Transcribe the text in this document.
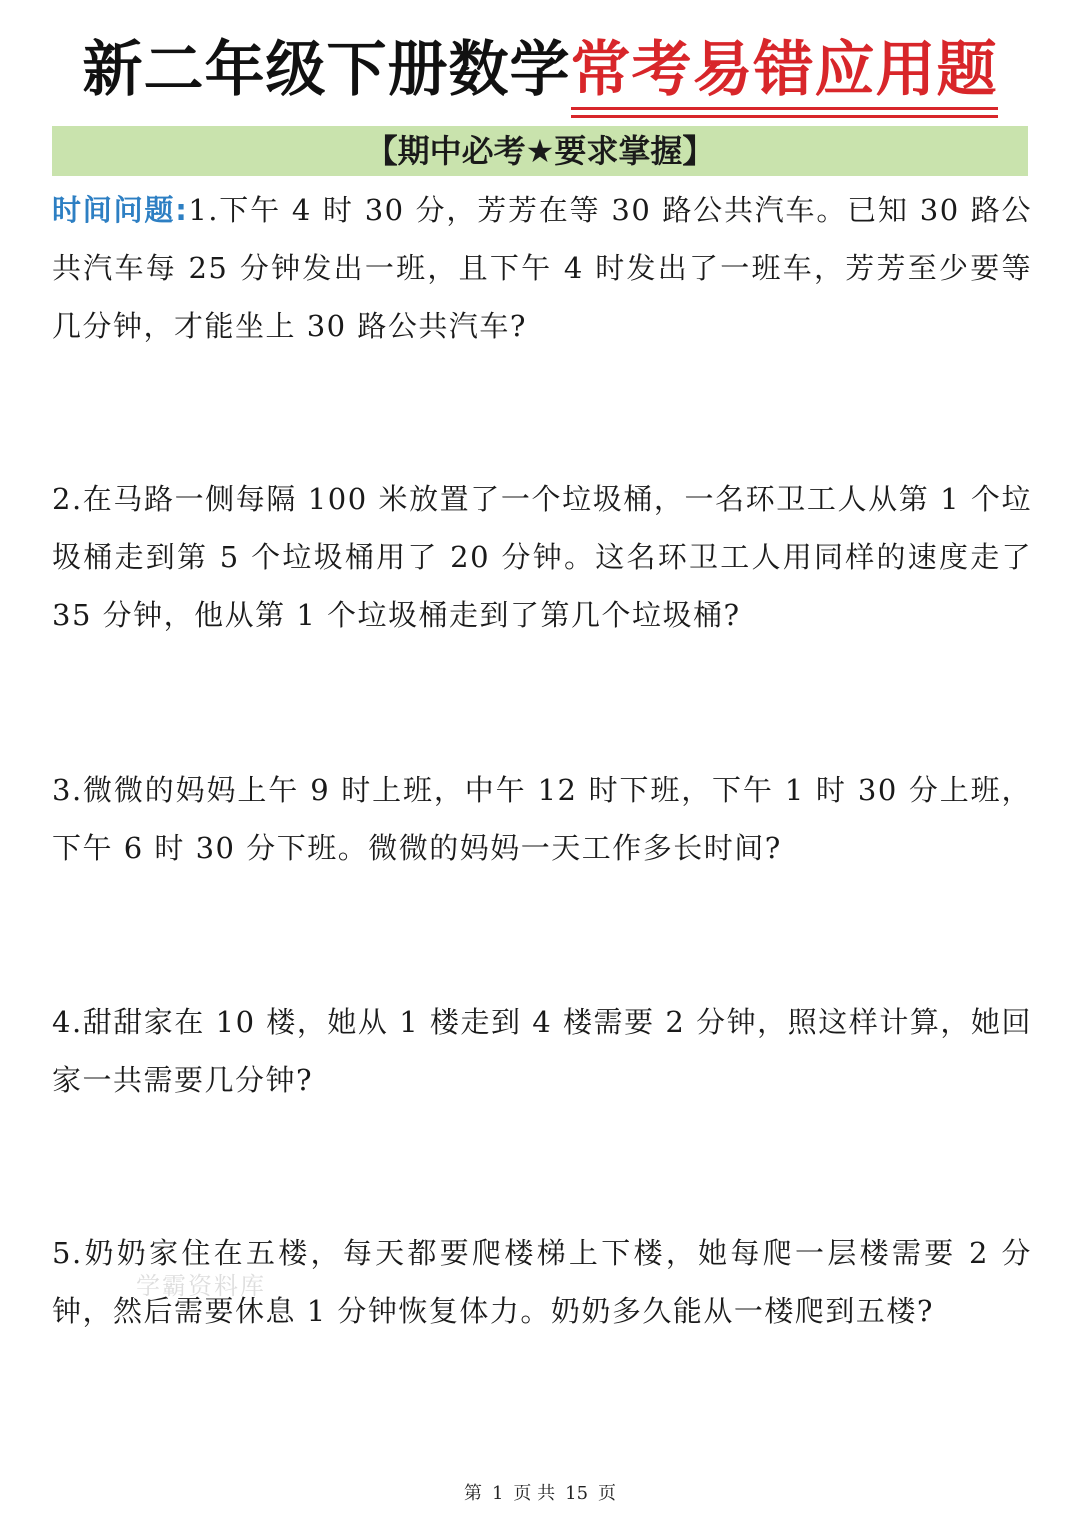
新二年级下册数学常考易错应用题
【期中必考★要求掌握】
时间问题:1.下午 4 时 30 分，芳芳在等 30 路公共汽车。已知 30 路公共汽车每 25 分钟发出一班，且下午 4 时发出了一班车，芳芳至少要等几分钟，才能坐上 30 路公共汽车?
2.在马路一侧每隔 100 米放置了一个垃圾桶，一名环卫工人从第 1 个垃圾桶走到第 5 个垃圾桶用了 20 分钟。这名环卫工人用同样的速度走了 35 分钟，他从第 1 个垃圾桶走到了第几个垃圾桶?
3.微微的妈妈上午 9 时上班，中午 12 时下班，下午 1 时 30 分上班，下午 6 时 30 分下班。微微的妈妈一天工作多长时间?
4.甜甜家在 10 楼，她从 1 楼走到 4 楼需要 2 分钟，照这样计算，她回家一共需要几分钟?
5.奶奶家住在五楼，每天都要爬楼梯上下楼，她每爬一层楼需要 2 分钟，然后需要休息 1 分钟恢复体力。奶奶多久能从一楼爬到五楼?
学霸资料库
第 1 页 共 15 页
